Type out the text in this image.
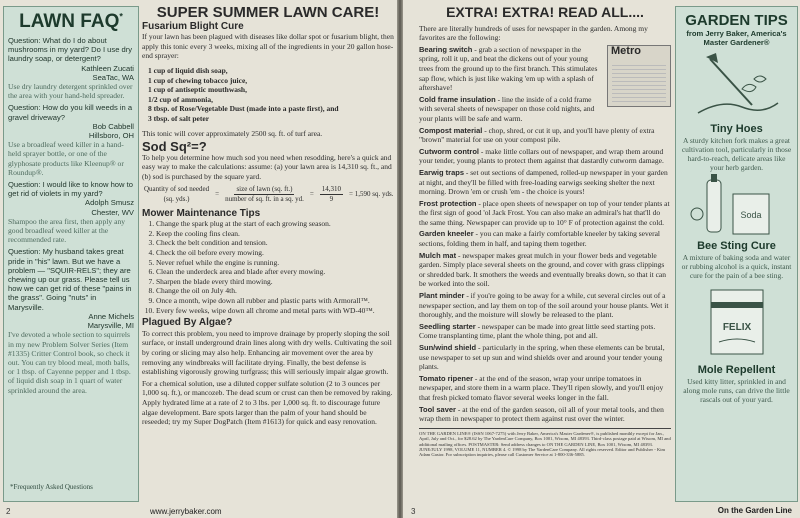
LAWN FAQ*
Question: What do I do about mushrooms in my yard? Do I use dry laundry soap, or detergent?
Kathleen Zucati
SeaTac, WA
Use dry laundry detergent sprinkled over the area with your hand-held spreader.
Question: How do you kill weeds in a gravel driveway?
Bob Cabbell
Hillsboro, OH
Use a broadleaf weed killer in a hand-held sprayer bottle, or one of the glyphosate products like Kleenup® or Roundup®.
Question: I would like to know how to get rid of violets in my yard?
Adolph Smusz
Chester, WV
Shampoo the area first, then apply any good broadleaf weed killer at the recommended rate.
Question: My husband takes great pride in "his" lawn. But we have a problem — "SQUIR-RELS"; they are chewing up our grass. Please tell us how we can get rid of these "pains in the grass". Going "nuts" in Marysville.
Anne Michels
Marysville, MI
I've devoted a whole section to squirrels in my new Problem Solver Series (Item #1335) Critter Control book, so check it out. You can try blood meal, moth balls, or 1 tbsp. of Cayenne pepper and 1 tbsp. of liquid dish soap in 1 quart of water sprinkled around the area.
*Frequently Asked Questions
SUPER SUMMER LAWN CARE!
Fusarium Blight Cure

If your lawn has been plagued with diseases like dollar spot or fusarium blight, then apply this tonic every 3 weeks, mixing all of the ingredients in your 20 gallon hose-end sprayer:

1 cup of liquid dish soap,
1 cup of chewing tobacco juice,
1 cup of antiseptic mouthwash,
1/2 cup of ammonia,
8 tbsp. of Rose/Vegetable Dust (made into a paste first), and
3 tbsp. of salt peter

This tonic will cover approximately 2500 sq. ft. of turf area.

Sod Sq²=?

To help you determine how much sod you need when resodding, here's a quick and easy way to make the calculations: assume: (a) your lawn area is 14,310 sq. ft., and (b) sod is purchased by the square yard.

Quantity of sod needed
(sq. yds.)
= $\frac{\text{size of lawn (sq. ft.)}}{\text{number of sq. ft. in a sq. yd.}} = \frac{14,310}{9} = 1,590$ sq. yds.
Mower Maintenance Tips
1. Change the spark plug at the start of each growing season.
2. Keep the cooling fins clean.
3. Check the belt condition and tension.
4. Check the oil before every mowing.
5. Never refuel while the engine is running.
6. Clean the underdeck area and blade after every mowing.
7. Sharpen the blade every third mowing.
8. Change the oil on July 4th.
9. Once a month, wipe down all rubber and plastic parts with Armorall™.
10. Every few weeks, wipe down all chrome and metal parts with WD-40™.
Plagued By Algae?

To correct this problem, you need to improve drainage by properly sloping the soil surface, or install underground drain lines along with dry wells. Cultivating the soil by coring or slicing may also help. Enhancing air movement over the area by removing any windbreaks will facilitate drying. Finally, the best defense is establishing vigorously growing turfgrass; this will seriously impair algae growth.

For a chemical solution, use a diluted copper sulfate solution (2 to 3 ounces per 1,000 sq. ft.), or mancozeb. The dead scum or crust can then be removed by raking. Apply hydrated lime at a rate of 2 to 3 lbs. per 1,000 sq. ft. to discourage future algae development. Bare spots larger than the palm of your hand should be reseeded; try my Super DogPatch (Item #1613) for quick and easy renovation.

2	www.jerrybaker.com
EXTRA! EXTRA! READ ALL....

There are literally hundreds of uses for newspaper in the garden. Among my favorites are the following:

Metro

Bearing switch - grab a section of newspaper in the spring, roll it up, and beat the dickens out of your young trees from the ground up to the first branch. This stimulates sap flow, which is just like waking 'em up with a splash of aftershave!

Cold frame insulation - line the inside of a cold frame with several sheets of newspaper on those cold nights, and your plants will be safe and warm.

Compost material - chop, shred, or cut it up, and you'll have plenty of extra "brown" material for use on your compost pile.

Cutworm control - make little collars out of newspaper, and wrap them around your tender, young plants to protect them against that dastardly cutworm damage.

Earwig traps - set out sections of dampened, rolled-up newspaper in your garden at night, and they'll be filled with free-loading earwigs seeking shelter the next morning. Drown 'em or crush 'em - the choice is yours!

Frost protection - place open sheets of newspaper on top of your tender plants at the first sign of good 'ol Jack Frost. You can also make an admiral's hat that'll do the same thing. Newspaper can provide up to 10° F of protection against the cold.

Garden kneeler - you can make a fairly comfortable kneeler by taking several sections, folding them in half, and taping them together.

Mulch mat - newspaper makes great mulch in your flower beds and vegetable garden. Simply place several sheets on the ground, and cover with grass clippings or shredded bark. It smothers the weeds and eventually breaks down, so that it can be worked into the soil.

Plant minder - if you're going to be away for a while, cut several circles out of a newspaper section, and lay them on top of the soil around your house plants. Wet it thoroughly, and the moisture will slowly be released to the plant.

Seedling starter - newspaper can be made into great little seed starting pots. Come transplanting time, plant the whole thing, pot and all.

Sun/wind shield - particularly in the spring, when these elements can be brutal, use newspaper to set up sun and wind shields over and around your tender young plants.

Tomato ripener - at the end of the season, wrap your unripe tomatoes in newspaper, and store them in a warm place. They'll ripen slowly, and you'll enjoy that fresh picked tomato flavor several weeks longer in the fall.

Tool saver - at the end of the garden season, oil all of your metal tools, and then wrap them in newspaper to protect them against rust over the winter.

ON THE GARDEN LINE® (ISSN 1067-7275) with Jerry Baker, America's Master Gardener®, is published monthly except for Jan., April, July and Oct., for $28.62 by The YardenCare Company, Box 1001, Wixom, MI 48393. Third-class postage paid at Wixom, MI and additional mailing offices. POSTMASTER: Send address changes to ON THE GARDEN LINE, Box 1001, Wixom, MI 48393. JUNE/JULY 1998, VOLUME 11, NUMBER 4. © 1998 by The YardenCare Company. All rights reserved. Editor and Publisher - Kim Adam Gasior. For subscription inquiries, please call Customer Service at 1-800-336-5885.
GARDEN TIPS
from Jerry Baker, America's Master Gardener®
Tiny Hoes
A sturdy kitchen fork makes a great cultivation tool, particularly in those hard-to-reach, delicate areas like your herb garden.
Soda
Bee Sting Cure
A mixture of baking soda and water or rubbing alcohol is a quick, instant cure for the pain of a bee sting.
FELIX
Mole Repellent
Used kitty litter, sprinkled in and along mole runs, can drive the little rascals out of your yard.
3	On the Garden Line
